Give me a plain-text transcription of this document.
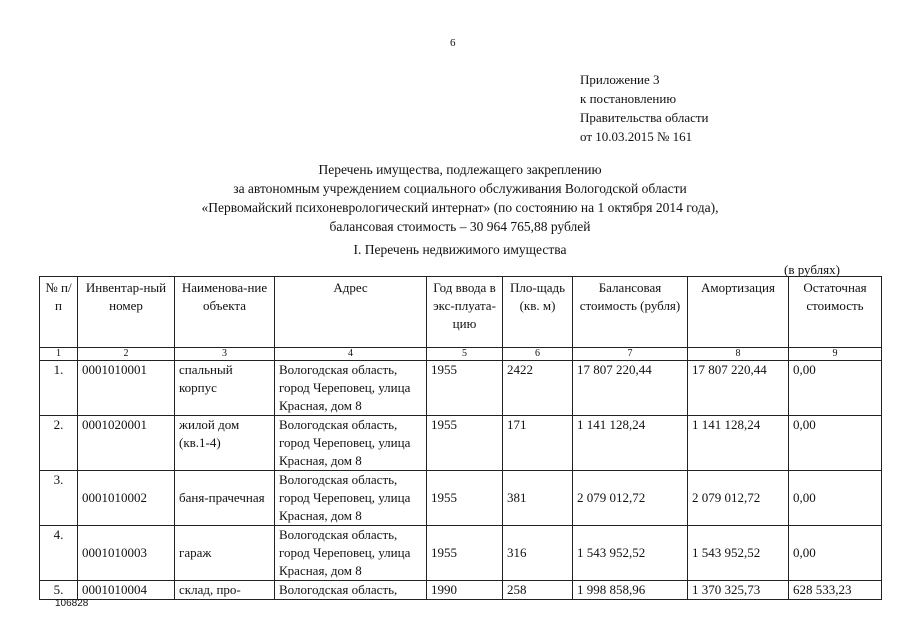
6
Приложение 3
к постановлению
Правительства области
от 10.03.2015 № 161
Перечень имущества, подлежащего закреплению
за автономным учреждением социального обслуживания Вологодской области
«Первомайский психоневрологический интернат» (по состоянию на 1 октября 2014 года),
балансовая стоимость – 30 964 765,88 рублей
I. Перечень недвижимого имущества
(в рублях)
№ п/п	Инвентар-ный номер	Наименова-ние объекта	Адрес	Год ввода в экс-плуата-цию	Пло-щадь (кв. м)	Балансовая стоимость (рубля)	Амортизация	Остаточная стоимость
1	2	3	4	5	6	7	8	9
1.	0001010001	спальный корпус	Вологодская область, город Череповец, улица Красная, дом 8	1955	2422	17 807 220,44	17 807 220,44	0,00
2.	0001020001	жилой дом (кв.1-4)	Вологодская область, город Череповец, улица Красная, дом 8	1955	171	1 141 128,24	1 141 128,24	0,00
3.	0001010002	баня-прачечная	Вологодская область, город Череповец, улица Красная, дом 8	1955	381	2 079 012,72	2 079 012,72	0,00
4.	0001010003	гараж	Вологодская область, город Череповец, улица Красная, дом 8	1955	316	1 543 952,52	1 543 952,52	0,00
5.	0001010004	склад, про-	Вологодская область,	1990	258	1 998 858,96	1 370 325,73	628 533,23
106828
